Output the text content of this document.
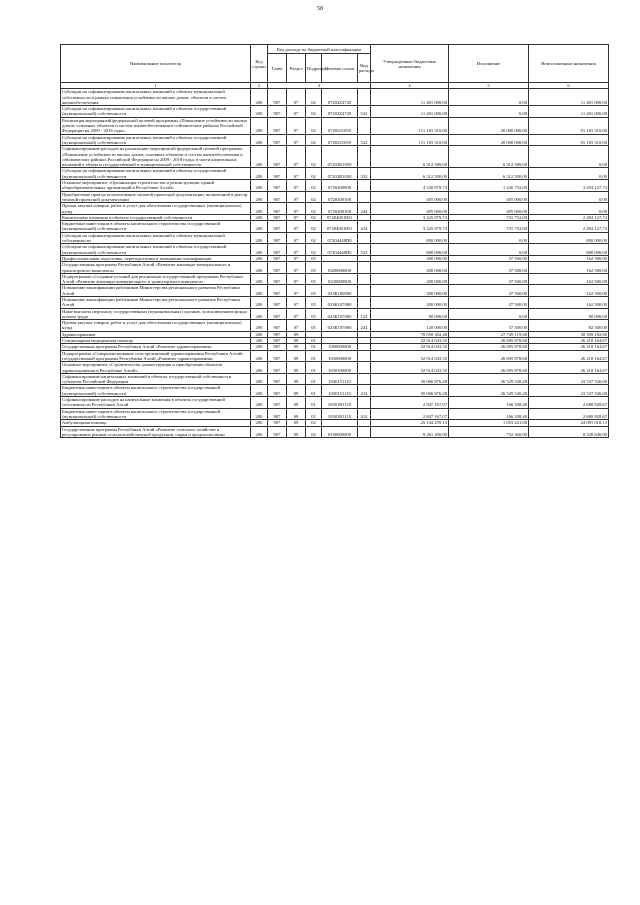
58
Наименование показателя	Код строки	Код расхода по бюджетной классификации					Утвержденные бюджетные назначения	Исполнение	Неисполненные назначения
		Глава	Раздел	Подраздел	Целевая статья	Вид расхода			
1	2	3					4	5	6
Субсидии на софинансирование капитальных вложений в объекты муниципальной собственности в рамках повышения устойчивости жилых домов, объектов в систем жизнеобеспечения	200	907	07	02	07202Z4720		11 401 000,00	0,00	11 401 000,00
Субсидии на софинансирование капитальных вложений в объекты государственной (муниципальной) собственности	200	907	07	02	07202Z4720	522	11 401 000,00	0,00	11 401 000,00
Реализация мероприятий федеральной целевой программы «Повышение устойчивости жилых домов, основных объектов и систем жизнеобеспечения в сейсмических районах Российской Федерации на 2009 - 2018 годы»	200	907	07	02	0720251050		111 181 310,00	20 000 000,00	91 181 310,00
Субсидии на софинансирование капитальных вложений в объекты государственной (муниципальной) собственности	200	907	07	02	0720251050	522	111 181 310,00	20 000 000,00	91 181 310,00
Софинансирование расходов на реализацию мероприятий федеральной целевой программы «Повышение устойчивости жилых домов, основных объектов и систем жизнеобеспечения в сейсмических районах Российской Федерации на 2009 - 2018 годы» в части капитальных вложений в объекты государственной и муниципальной собственности	200	907	07	02	07202R1050		6 312 500,00	6 312 500,00	0,00
Субсидии на софинансирование капитальных вложений в объекты государственной (муниципальной) собственности	200	907	07	02	07202R1050	522	6 312 500,00	6 312 500,00	0,00
Основное мероприятие «Организация строительства и реконструкции зданий общеобразовательных организаций в Республике Алтай»	200	907	07	02	0720400000		4 520 879,74	1 226 752,00	3 294 127,74
Приобретение прав на использование типовой проектной документации, включенной в реестр типовой проектной документации	200	907	07	02	0720400100		495 000,00	495 000,00	0,00
Прочая закупка товаров, работ и услуг для обеспечения государственных (муниципальных) нужд	200	907	07	02	0720400100	244	495 000,00	495 000,00	0,00
Капитальные вложения в объекты государственной собственности	200	907	07	02	07204001001		3 225 879,74	731 752,00	2 494 127,74
Бюджетные инвестиции в объекты капитального строительства государственной (муниципальной) собственности	200	907	07	02	07204001001	414	3 225 879,74	731 752,00	2 494 127,74
Субсидии на софинансирование капитальных вложений в объекты муниципальной собственности	200	907	07	02	07204448П0		800 000,00	0,00	800 000,00
Субсидии на софинансирование капитальных вложений в объекты государственной (муниципальной) собственности	200	907	07	02	07204448П0	522	800 000,00	0,00	800 000,00
Профессиональная подготовка, переподготовка и повышение квалификации	200	907	07	05			200 000,00	37 500,00	162 500,00
Государственная программа Республики Алтай «Развитие жилищно-коммунального и транспортного комплекса»	200	907	07	05	0200000000		200 000,00	37 500,00	162 500,00
Подпрограмма «Создание условий для реализации государственной программы Республики Алтай «Развитие жилищно-коммунального и транспортного комплекса»	200	907	07	05	0230000000		200 000,00	37 500,00	162 500,00
Повышение квалификации работников Министерства регионального развития Республики Алтай	200	907	07	05	023К100000		200 000,00	37 500,00	162 500,00
Повышение квалификации работников Министерства регионального развития Республики Алтай	200	907	07	05	023К107000		200 000,00	37 500,00	162 500,00
Иные выплаты персоналу государственных (муниципальных) органов, за исключением фонда оплаты труда	200	907	07	05	023К107000	122	80 000,00	0,00	80 000,00
Прочая закупка товаров, работ и услуг для обеспечения государственных (муниципальных) нужд	200	907	07	05	023К107000	244	120 000,00	37 500,00	82 500,00
Здравоохранение	200	907	09				78 058 302,48	27 749 119,68	50 309 182,80
Стационарная медицинская помощь	200	907	09	01			52 914 043,35	26 695 878,68	26 218 164,67
Государственная программа Республики Алтай «Развитие здравоохранения»	200	907	09	01	1000000000		52 914 043,35	26 695 878,68	26 218 164,67
Подпрограмма «Совершенствование сети организаций здравоохранения Республики Алтай» государственной программы Республики Алтай «Развитие здравоохранения»	200	907	09	01	1030000000		52 914 043,35	26 695 878,68	26 218 164,67
Основное мероприятие «Строительство, реконструкция и приобретение объектов здравоохранения в Республике Алтай»	200	907	09	01	1030100000		52 914 043,35	26 695 878,68	26 218 164,67
Софинансирование капитальных вложений в объекты государственной собственности субъектов Российской Федерации	200	907	09	01	1030151110		50 066 876,28	26 529 540,28	23 537 336,00
Бюджетные инвестиции в объекты капитального строительства государственной (муниципальной) собственности	200	907	09	01	1030151110	414	50 066 876,28	26 529 540,28	23 537 336,00
Софинансирование расходов на капитальные вложения в объекты государственной собственности Республики Алтай	200	907	09	01	10301R1110		2 847 167,07	166 338,40	2 680 828,67
Бюджетные инвестиции в объекты капитального строительства государственной (муниципальной) собственности	200	907	09	01	10301R1110	414	2 847 167,07	166 338,40	2 680 828,67
Амбулаторная помощь	200	907	09	02			25 144 259,13	1 053 241,00	24 091 018,13
Государственная программа Республики Алтай «Развитие сельского хозяйства и регулирование рынков сельскохозяйственной продукции, сырья и продовольствия»	200	907	09	02	0100000000		9 261 200,00	732 360,00	8 528 840,00
